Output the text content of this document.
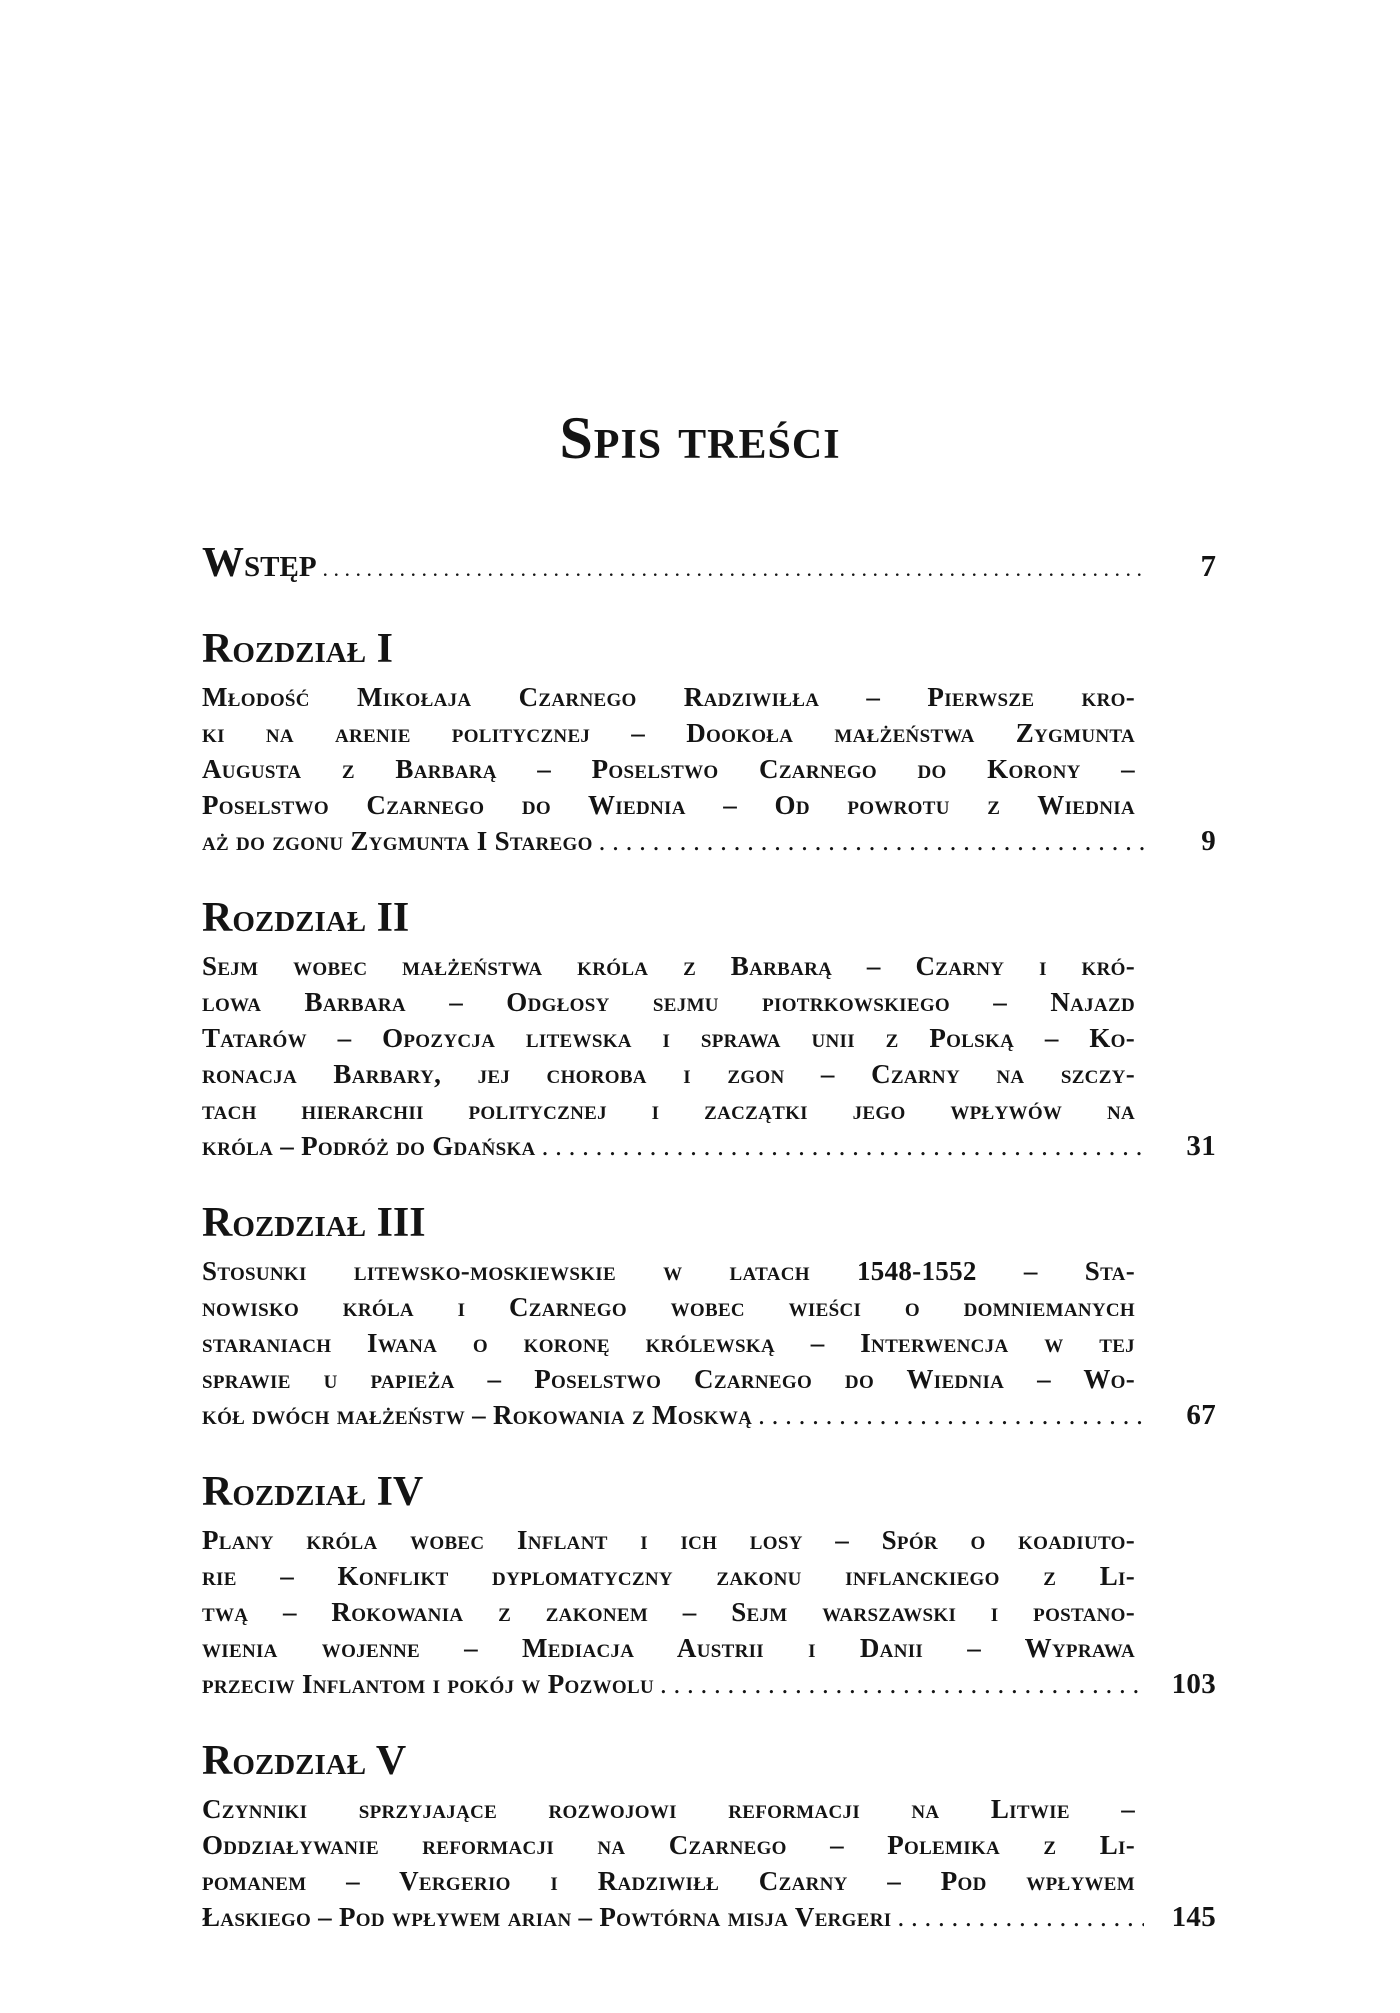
Spis treści
Wstęp . . .	7
Rozdział I
Młodość Mikołaja Czarnego Radziwiłła – Pierwsze kro-
ki na arenie politycznej – Dookoła małżeństwa Zygmunta
Augusta z Barbarą – Poselstwo Czarnego do Korony –
Poselstwo Czarnego do Wiednia – Od powrotu z Wiednia
aż do zgonu Zygmunta I Starego . . .	9
Rozdział II
Sejm wobec małżeństwa króla z Barbarą – Czarny i kró-
lowa Barbara – Odgłosy sejmu piotrkowskiego – Najazd
Tatarów – Opozycja litewska i sprawa unii z Polską – Ko-
ronacja Barbary, jej choroba i zgon – Czarny na szczy-
tach hierarchii politycznej i zaczątki jego wpływów na
króla – Podróż do Gdańska . . .	31
Rozdział III
Stosunki litewsko-moskiewskie w latach 1548-1552 – Sta-
nowisko króla i Czarnego wobec wieści o domniemanych
staraniach Iwana o koronę królewską – Interwencja w tej
sprawie u papieża – Poselstwo Czarnego do Wiednia – Wo-
kół dwóch małżeństw – Rokowania z Moskwą . . .	67
Rozdział IV
Plany króla wobec Inflant i ich losy – Spór o koadiuto-
rie – Konflikt dyplomatyczny zakonu inflanckiego z Li-
twą – Rokowania z zakonem – Sejm warszawski i postano-
wienia wojenne – Mediacja Austrii i Danii – Wyprawa
przeciw Inflantom i pokój w Pozwolu . . .	103
Rozdział V
Czynniki sprzyjające rozwojowi reformacji na Litwie –
Oddziaływanie reformacji na Czarnego – Polemika z Li-
pomanem – Vergerio i Radziwiłł Czarny – Pod wpływem
Łaskiego – Pod wpływem arian – Powtórna misja Vergeri . . .	145
